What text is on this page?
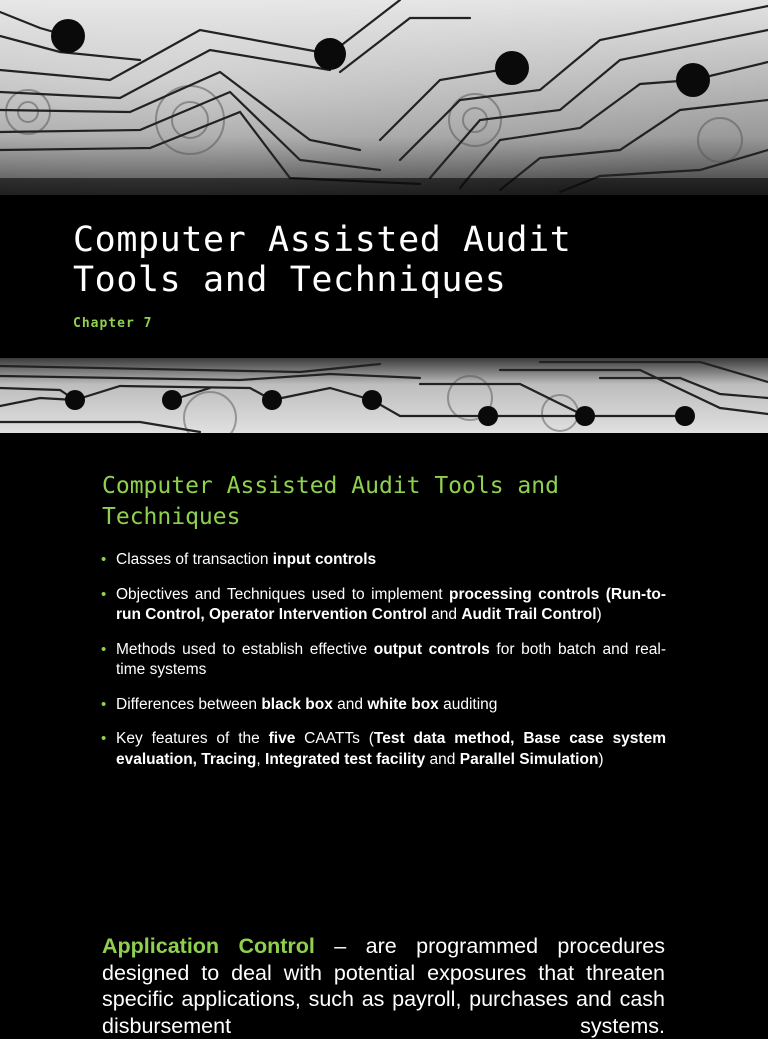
Computer Assisted Audit
Tools and Techniques

Chapter 7

Computer Assisted Audit Tools and Techniques
• Classes of transaction input controls
• Objectives and Techniques used to implement processing controls (Run-to-run Control, Operator Intervention Control and Audit Trail Control)
• Methods used to establish effective output controls for both batch and real-time systems
• Differences between black box and white box auditing
• Key features of the five CAATTs (Test data method, Base case system evaluation, Tracing, Integrated test facility and Parallel Simulation)

Application Control – are programmed procedures designed to deal with potential exposures that threaten specific applications, such as payroll, purchases and cash disbursement systems.
